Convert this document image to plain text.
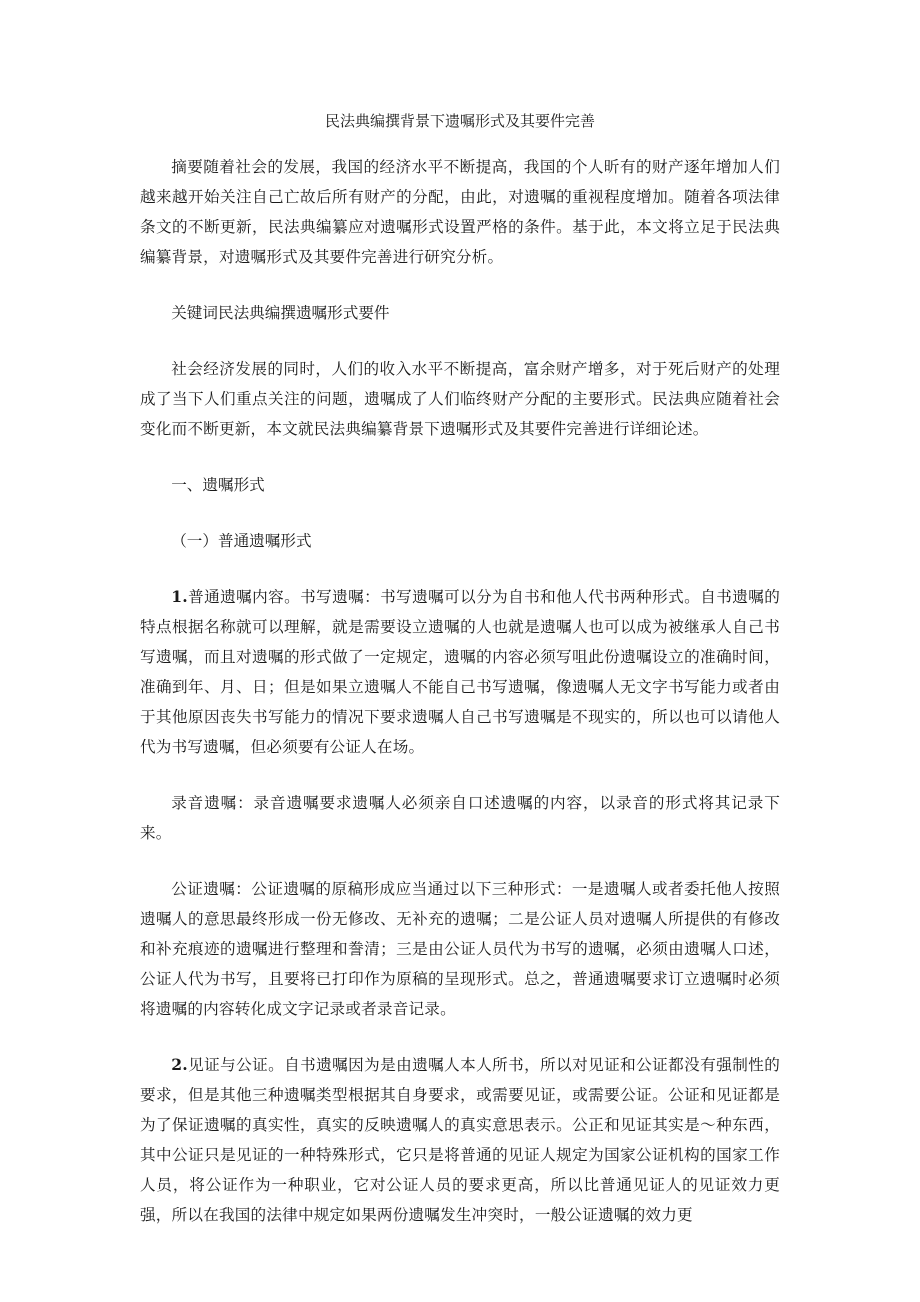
民法典编撰背景下遗嘱形式及其要件完善

摘要随着社会的发展，我国的经济水平不断提高，我国的个人昕有的财产逐年增加人们越来越开始关注自己亡故后所有财产的分配，由此，对遗嘱的重视程度增加。随着各项法律条文的不断更新，民法典编纂应对遗嘱形式设置严格的条件。基于此，本文将立足于民法典编纂背景，对遗嘱形式及其要件完善进行研究分析。

关键词民法典编撰遗嘱形式要件

社会经济发展的同时，人们的收入水平不断提高，富余财产增多，对于死后财产的处理成了当下人们重点关注的问题，遗嘱成了人们临终财产分配的主要形式。民法典应随着社会变化而不断更新，本文就民法典编纂背景下遗嘱形式及其要件完善进行详细论述。

一、遗嘱形式

（一）普通遗嘱形式

1.普通遗嘱内容。书写遗嘱：书写遗嘱可以分为自书和他人代书两种形式。自书遗嘱的特点根据名称就可以理解，就是需要设立遗嘱的人也就是遗嘱人也可以成为被继承人自己书写遗嘱，而且对遗嘱的形式做了一定规定，遗嘱的内容必须写咀此份遗嘱设立的准确时间，准确到年、月、日；但是如果立遗嘱人不能自己书写遗嘱，像遗嘱人无文字书写能力或者由于其他原因丧失书写能力的情况下要求遗嘱人自己书写遗嘱是不现实的，所以也可以请他人代为书写遗嘱，但必须要有公证人在场。

录音遗嘱：录音遗嘱要求遗嘱人必须亲自口述遗嘱的内容，以录音的形式将其记录下来。

公证遗嘱：公证遗嘱的原稿形成应当通过以下三种形式：一是遗嘱人或者委托他人按照遗嘱人的意思最终形成一份无修改、无补充的遗嘱；二是公证人员对遗嘱人所提供的有修改和补充痕迹的遗嘱进行整理和誊清；三是由公证人员代为书写的遗嘱，必须由遗嘱人口述，公证人代为书写，且要将已打印作为原稿的呈现形式。总之，普通遗嘱要求订立遗嘱时必须将遗嘱的内容转化成文字记录或者录音记录。

2.见证与公证。自书遗嘱因为是由遗嘱人本人所书，所以对见证和公证都没有强制性的要求，但是其他三种遗嘱类型根据其自身要求，或需要见证，或需要公证。公证和见证都是为了保证遗嘱的真实性，真实的反映遗嘱人的真实意思表示。公正和见证其实是～种东西，其中公证只是见证的一种特殊形式，它只是将普通的见证人规定为国家公证机构的国家工作人员，将公证作为一种职业，它对公证人员的要求更高，所以比普通见证人的见证效力更强，所以在我国的法律中规定如果两份遗嘱发生冲突时，一般公证遗嘱的效力更
